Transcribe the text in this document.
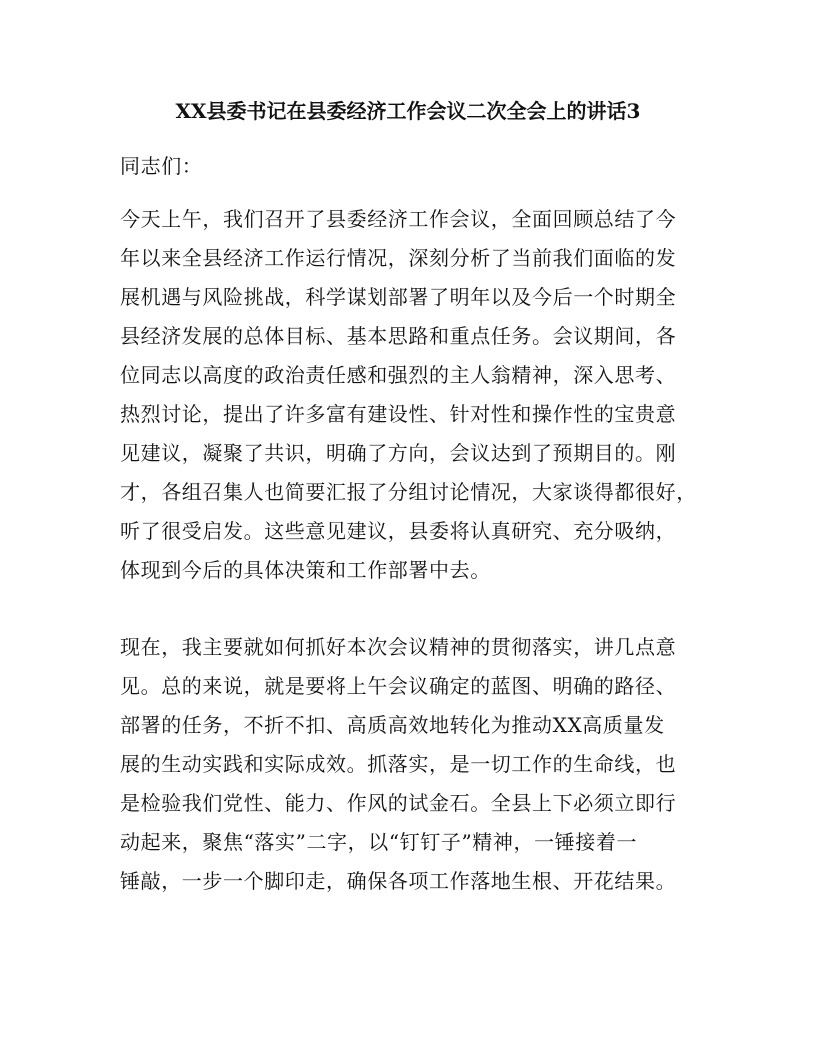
XX县委书记在县委经济工作会议二次全会上的讲话3
同志们：
今天上午，我们召开了县委经济工作会议，全面回顾总结了今
年以来全县经济工作运行情况，深刻分析了当前我们面临的发
展机遇与风险挑战，科学谋划部署了明年以及今后一个时期全
县经济发展的总体目标、基本思路和重点任务。会议期间，各
位同志以高度的政治责任感和强烈的主人翁精神，深入思考、
热烈讨论，提出了许多富有建设性、针对性和操作性的宝贵意
见建议，凝聚了共识，明确了方向，会议达到了预期目的。刚
才，各组召集人也简要汇报了分组讨论情况，大家谈得都很好，
听了很受启发。这些意见建议，县委将认真研究、充分吸纳，
体现到今后的具体决策和工作部署中去。
现在，我主要就如何抓好本次会议精神的贯彻落实，讲几点意
见。总的来说，就是要将上午会议确定的蓝图、明确的路径、
部署的任务，不折不扣、高质高效地转化为推动XX高质量发
展的生动实践和实际成效。抓落实，是一切工作的生命线，也
是检验我们党性、能力、作风的试金石。全县上下必须立即行
动起来，聚焦“落实”二字，以“钉钉子”精神，一锤接着一
锤敲，一步一个脚印走，确保各项工作落地生根、开花结果。
